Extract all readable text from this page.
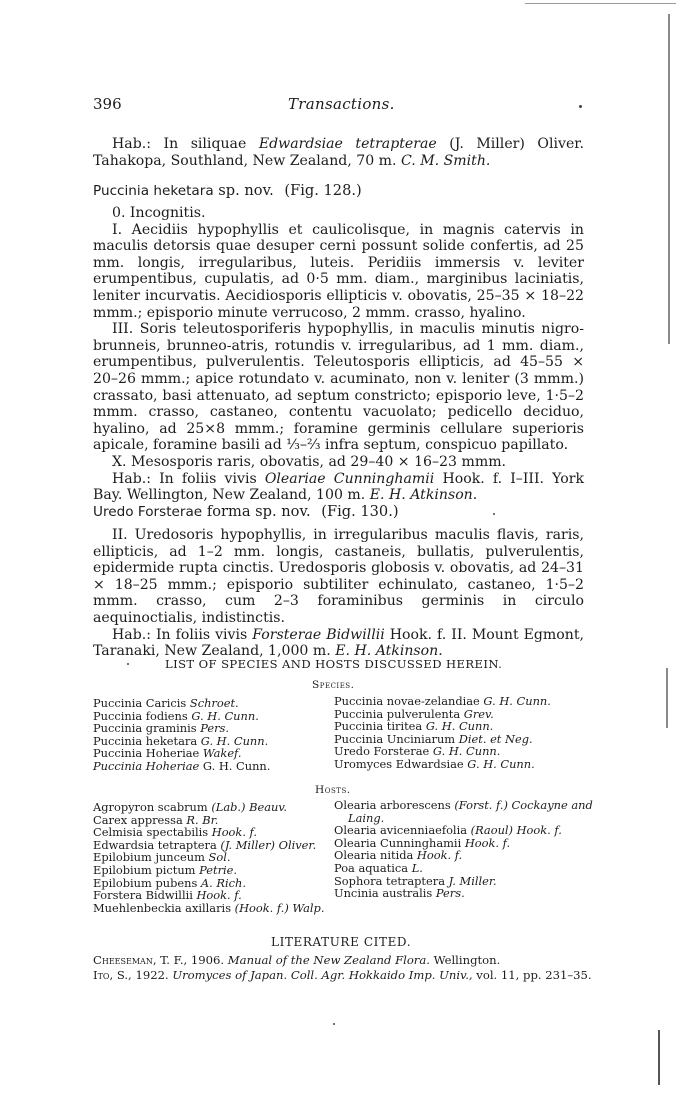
396	Transactions.

Hab.: In siliquae Edwardsiae tetrapterae (J. Miller) Oliver. Tahakopa, Southland, New Zealand, 70 m. C. M. Smith.

Puccinia heketara sp. nov. (Fig. 128.)

0. Incognitis.

I. Aecidiis hypophyllis et caulicolisque, in magnis catervis in maculis detorsis quae desuper cerni possunt solide confertis, ad 25 mm. longis, irregularibus, luteis. Peridiis immersis v. leviter erumpentibus, cupulatis, ad 0·5 mm. diam., marginibus laciniatis, leniter incurvatis. Aecidiosporis ellipticis v. obovatis, 25–35 × 18–22 mmm.; episporio minute verrucoso, 2 mmm. crasso, hyalino.

III. Soris teleutosporiferis hypophyllis, in maculis minutis nigro-brunneis, brunneo-atris, rotundis v. irregularibus, ad 1 mm. diam., erumpentibus, pulverulentis. Teleutosporis ellipticis, ad 45–55 × 20–26 mmm.; apice rotundato v. acuminato, non v. leniter (3 mmm.) crassato, basi attenuato, ad septum constricto; episporio leve, 1·5–2 mmm. crasso, castaneo, contentu vacuolato; pedicello deciduo, hyalino, ad 25×8 mmm.; foramine germinis cellulare superioris apicale, foramine basili ad ⅓–⅔ infra septum, conspicuo papillato.

X. Mesosporis raris, obovatis, ad 29–40 × 16–23 mmm.

Hab.: In foliis vivis Oleariae Cunninghamii Hook. f. I–III. York Bay. Wellington, New Zealand, 100 m. E. H. Atkinson.

Uredo Forsterae forma sp. nov. (Fig. 130.)

II. Uredosoris hypophyllis, in irregularibus maculis flavis, raris, ellipticis, ad 1–2 mm. longis, castaneis, bullatis, pulverulentis, epidermide rupta cinctis. Uredosporis globosis v. obovatis, ad 24–31 × 18–25 mmm.; episporio subtiliter echinulato, castaneo, 1·5–2 mmm. crasso, cum 2–3 foraminibus germinis in circulo aequinoctialis, indistinctis.

Hab.: In foliis vivis Forsterae Bidwillii Hook. f. II. Mount Egmont, Taranaki, New Zealand, 1,000 m. E. H. Atkinson.

LIST OF SPECIES AND HOSTS DISCUSSED HEREIN.
Species.
Puccinia Caricis Schroet.
Puccinia fodiens G. H. Cunn.
Puccinia graminis Pers.
Puccinia heketara G. H. Cunn.
Puccinia Hoheriae Wakef.
Puccinia Hoheriae G. H. Cunn.
Puccinia novae-zelandiae G. H. Cunn.
Puccinia pulverulenta Grev.
Puccinia tiritea G. H. Cunn.
Puccinia Unciniarum Diet. et Neg.
Uredo Forsterae G. H. Cunn.
Uromyces Edwardsiae G. H. Cunn.
Hosts.
Agropyron scabrum (Lab.) Beauv.
Carex appressa R. Br.
Celmisia spectabilis Hook. f.
Edwardsia tetraptera (J. Miller) Oliver.
Epilobium junceum Sol.
Epilobium pictum Petrie.
Epilobium pubens A. Rich.
Forstera Bidwillii Hook. f.
Muehlenbeckia axillaris (Hook. f.) Walp.
Olearia arborescens (Forst. f.) Cockayne and
Laing.
Olearia avicenniaefolia (Raoul) Hook. f.
Olearia Cunninghamii Hook. f.
Olearia nitida Hook. f.
Poa aquatica L.
Sophora tetraptera J. Miller.
Uncinia australis Pers.
LITERATURE CITED.
Cheeseman, T. F., 1906. Manual of the New Zealand Flora. Wellington.
Ito, S., 1922. Uromyces of Japan. Coll. Agr. Hokkaido Imp. Univ., vol. 11, pp. 231–35.
